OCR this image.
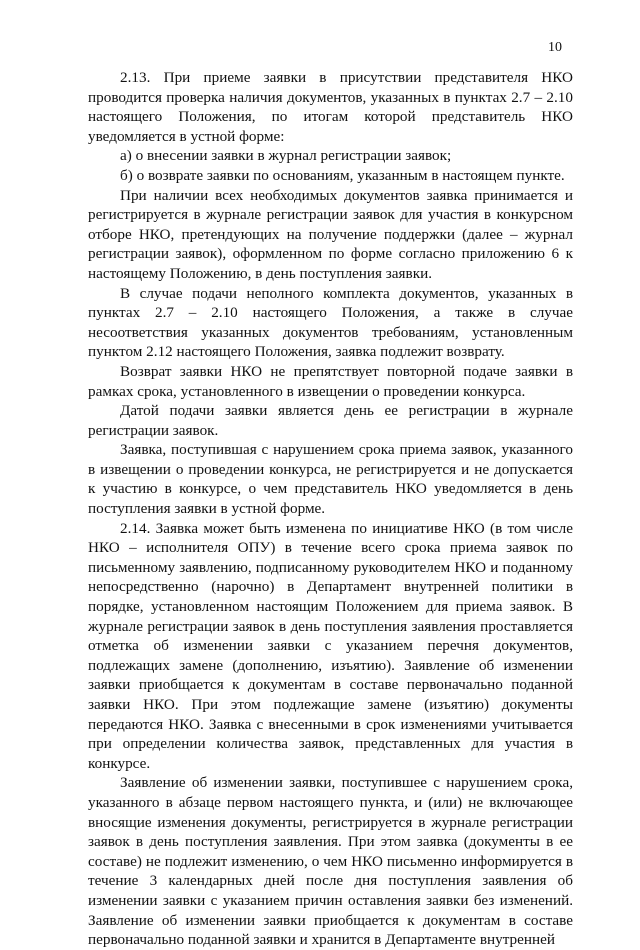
10

2.13. При приеме заявки в присутствии представителя НКО проводится проверка наличия документов, указанных в пунктах 2.7 – 2.10 настоящего Положения, по итогам которой представитель НКО уведомляется в устной форме:

а) о внесении заявки в журнал регистрации заявок;

б) о возврате заявки по основаниям, указанным в настоящем пункте.

При наличии всех необходимых документов заявка принимается и регистрируется в журнале регистрации заявок для участия в конкурсном отборе НКО, претендующих на получение поддержки (далее – журнал регистрации заявок), оформленном по форме согласно приложению 6 к настоящему Положению, в день поступления заявки.

В случае подачи неполного комплекта документов, указанных в пунктах 2.7 – 2.10 настоящего Положения, а также в случае несоответствия указанных документов требованиям, установленным пунктом 2.12 настоящего Положения, заявка подлежит возврату.

Возврат заявки НКО не препятствует повторной подаче заявки в рамках срока, установленного в извещении о проведении конкурса.

Датой подачи заявки является день ее регистрации в журнале регистрации заявок.

Заявка, поступившая с нарушением срока приема заявок, указанного в извещении о проведении конкурса, не регистрируется и не допускается к участию в конкурсе, о чем представитель НКО уведомляется в день поступления заявки в устной форме.

2.14. Заявка может быть изменена по инициативе НКО (в том числе НКО – исполнителя ОПУ) в течение всего срока приема заявок по письменному заявлению, подписанному руководителем НКО и поданному непосредственно (нарочно) в Департамент внутренней политики в порядке, установленном настоящим Положением для приема заявок. В журнале регистрации заявок в день поступления заявления проставляется отметка об изменении заявки с указанием перечня документов, подлежащих замене (дополнению, изъятию). Заявление об изменении заявки приобщается к документам в составе первоначально поданной заявки НКО. При этом подлежащие замене (изъятию) документы передаются НКО. Заявка с внесенными в срок изменениями учитывается при определении количества заявок, представленных для участия в конкурсе.

Заявление об изменении заявки, поступившее с нарушением срока, указанного в абзаце первом настоящего пункта, и (или) не включающее вносящие изменения документы, регистрируется в журнале регистрации заявок в день поступления заявления. При этом заявка (документы в ее составе) не подлежит изменению, о чем НКО письменно информируется в течение 3 календарных дней после дня поступления заявления об изменении заявки с указанием причин оставления заявки без изменений. Заявление об изменении заявки приобщается к документам в составе первоначально поданной заявки и хранится в Департаменте внутренней
